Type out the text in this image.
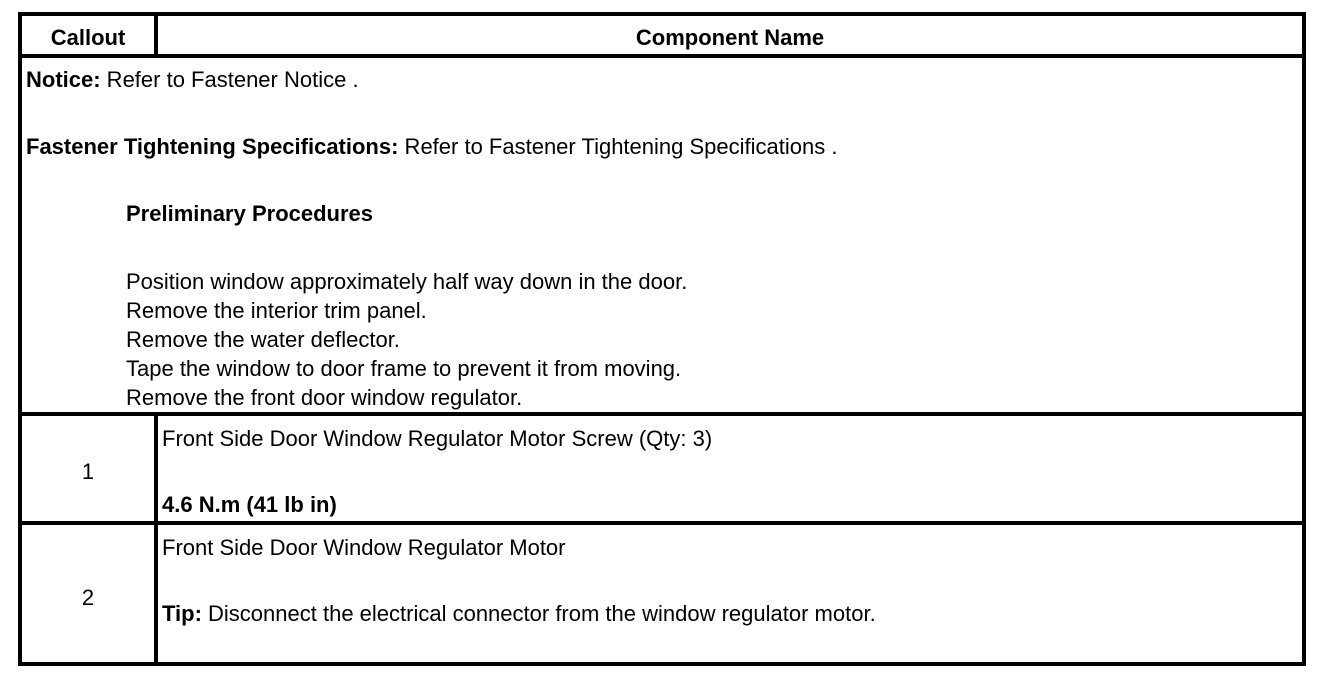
Callout	Component Name
Notice: Refer to Fastener Notice .
Fastener Tightening Specifications: Refer to Fastener Tightening Specifications .
Preliminary Procedures
Position window approximately half way down in the door.
Remove the interior trim panel.
Remove the water deflector.
Tape the window to door frame to prevent it from moving.
Remove the front door window regulator.
1
Front Side Door Window Regulator Motor Screw (Qty: 3)
4.6 N.m (41 lb in)
2
Front Side Door Window Regulator Motor
Tip: Disconnect the electrical connector from the window regulator motor.
